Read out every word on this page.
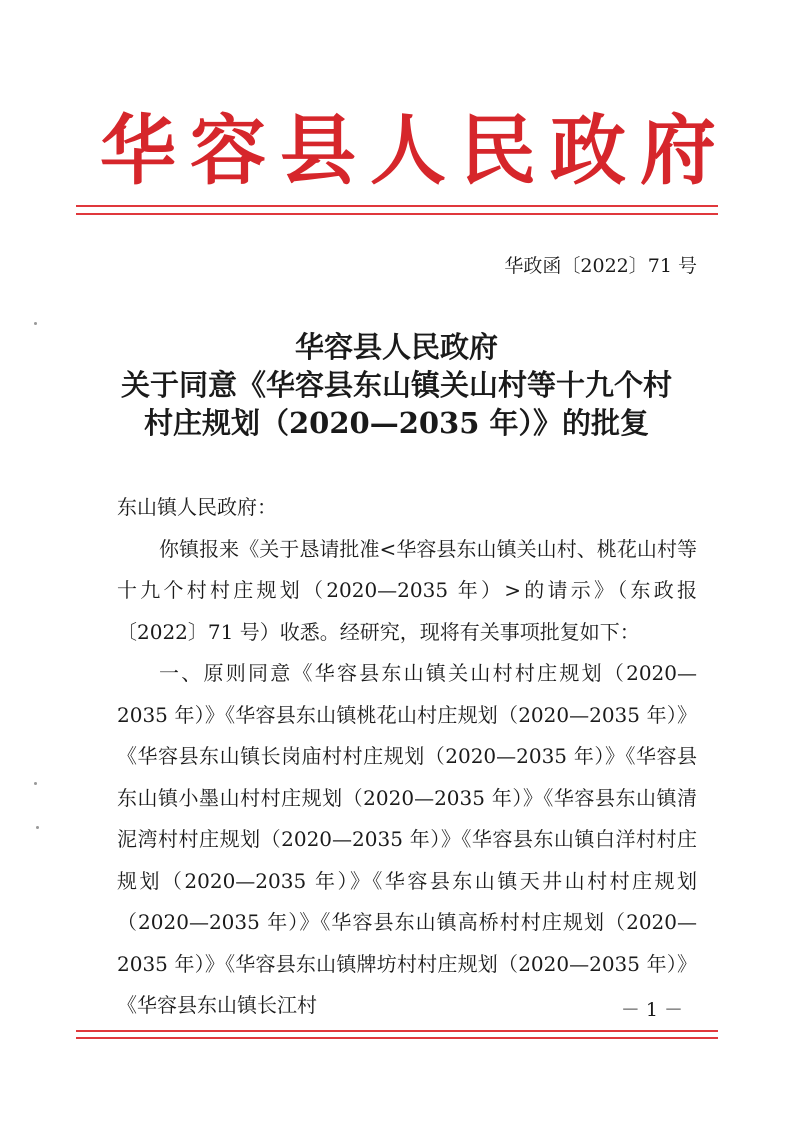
华容县人民政府
华政函〔2022〕71 号
华容县人民政府
关于同意《华容县东山镇关山村等十九个村
村庄规划（2020—2035 年）》的批复

东山镇人民政府：

你镇报来《关于恳请批准<华容县东山镇关山村、桃花山村等十九个村村庄规划（2020—2035 年）>的请示》（东政报〔2022〕71 号）收悉。经研究，现将有关事项批复如下：

一、原则同意《华容县东山镇关山村村庄规划（2020—2035 年）》《华容县东山镇桃花山村庄规划（2020—2035 年）》《华容县东山镇长岗庙村村庄规划（2020—2035 年）》《华容县东山镇小墨山村村庄规划（2020—2035 年）》《华容县东山镇清泥湾村村庄规划（2020—2035 年）》《华容县东山镇白洋村村庄规划（2020—2035 年）》《华容县东山镇天井山村村庄规划（2020—2035 年）》《华容县东山镇高桥村村庄规划（2020—2035 年）》《华容县东山镇牌坊村村庄规划（2020—2035 年）》《华容县东山镇长江村	－ 1 －
